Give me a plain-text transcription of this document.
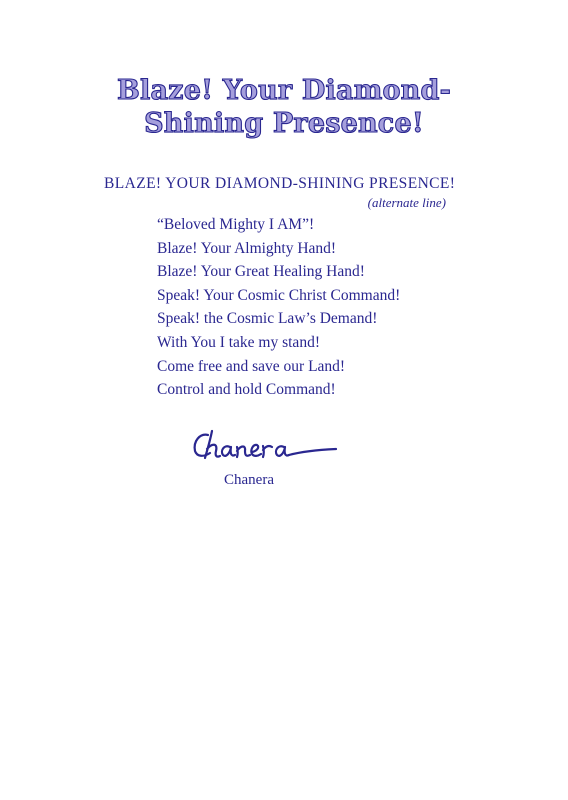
Blaze! Your Diamond-
Shining Presence!
BLAZE! YOUR DIAMOND-SHINING PRESENCE!
(alternate line)
“Beloved Mighty I AM”!
Blaze! Your Almighty Hand!
Blaze! Your Great Healing Hand!
Speak! Your Cosmic Christ Command!
Speak! the Cosmic Law’s Demand!
With You I take my stand!
Come free and save our Land!
Control and hold Command!
Chanera
